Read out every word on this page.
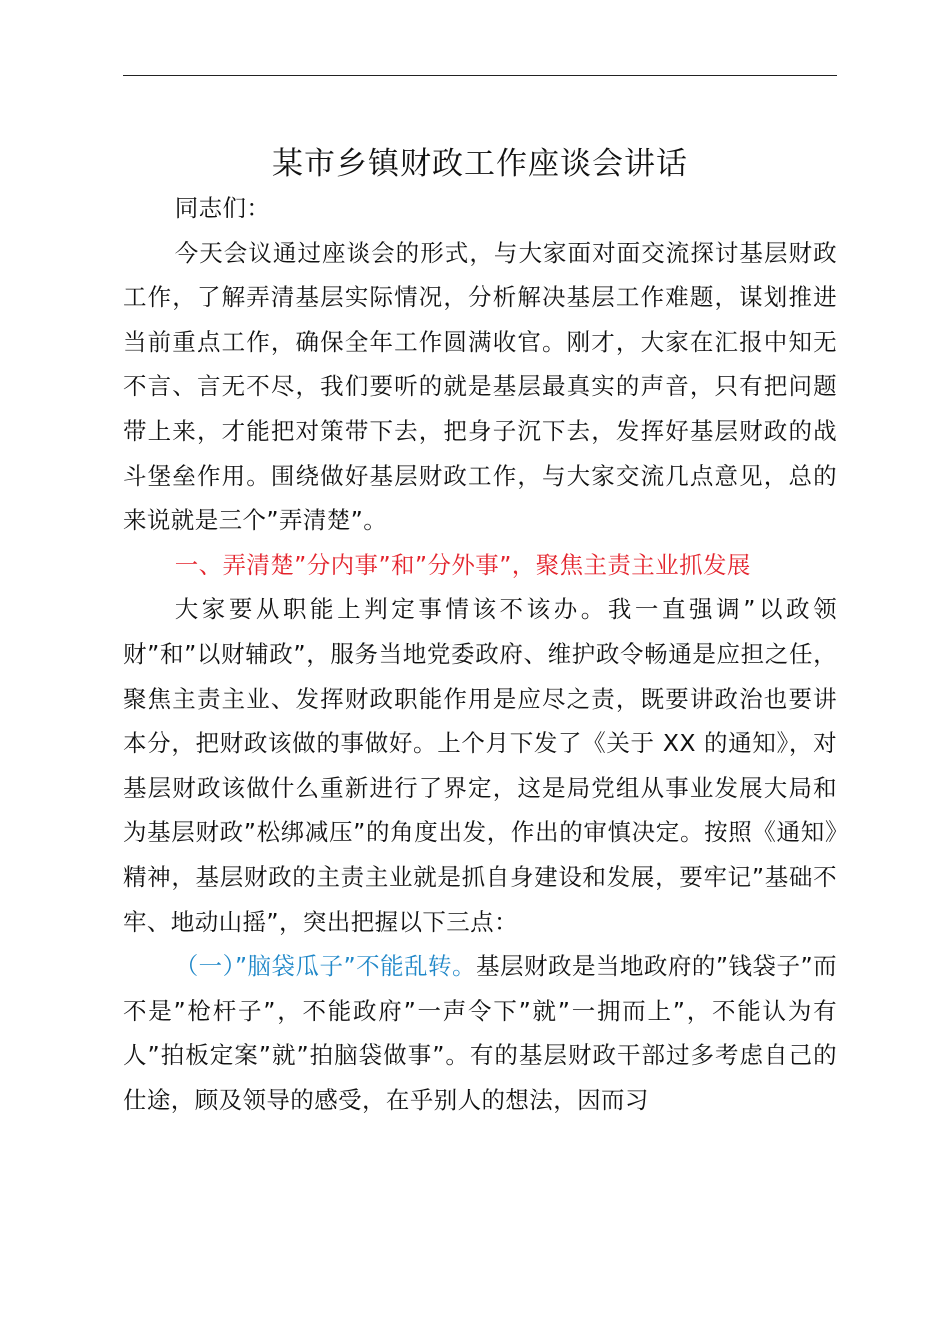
某市乡镇财政工作座谈会讲话

同志们：

今天会议通过座谈会的形式，与大家面对面交流探讨基层财政工作，了解弄清基层实际情况，分析解决基层工作难题，谋划推进当前重点工作，确保全年工作圆满收官。刚才，大家在汇报中知无不言、言无不尽，我们要听的就是基层最真实的声音，只有把问题带上来，才能把对策带下去，把身子沉下去，发挥好基层财政的战斗堡垒作用。围绕做好基层财政工作，与大家交流几点意见，总的来说就是三个”弄清楚”。

一、弄清楚”分内事”和”分外事”，聚焦主责主业抓发展

大家要从职能上判定事情该不该办。我一直强调”以政领财”和”以财辅政”，服务当地党委政府、维护政令畅通是应担之任，聚焦主责主业、发挥财政职能作用是应尽之责，既要讲政治也要讲本分，把财政该做的事做好。上个月下发了《关于 XX 的通知》，对基层财政该做什么重新进行了界定，这是局党组从事业发展大局和为基层财政”松绑减压”的角度出发，作出的审慎决定。按照《通知》精神，基层财政的主责主业就是抓自身建设和发展，要牢记”基础不牢、地动山摇”，突出把握以下三点：

（一）”脑袋瓜子”不能乱转。基层财政是当地政府的”钱袋子”而不是”枪杆子”，不能政府”一声令下”就”一拥而上”，不能认为有人”拍板定案”就”拍脑袋做事”。有的基层财政干部过多考虑自己的仕途，顾及领导的感受，在乎别人的想法，因而习
